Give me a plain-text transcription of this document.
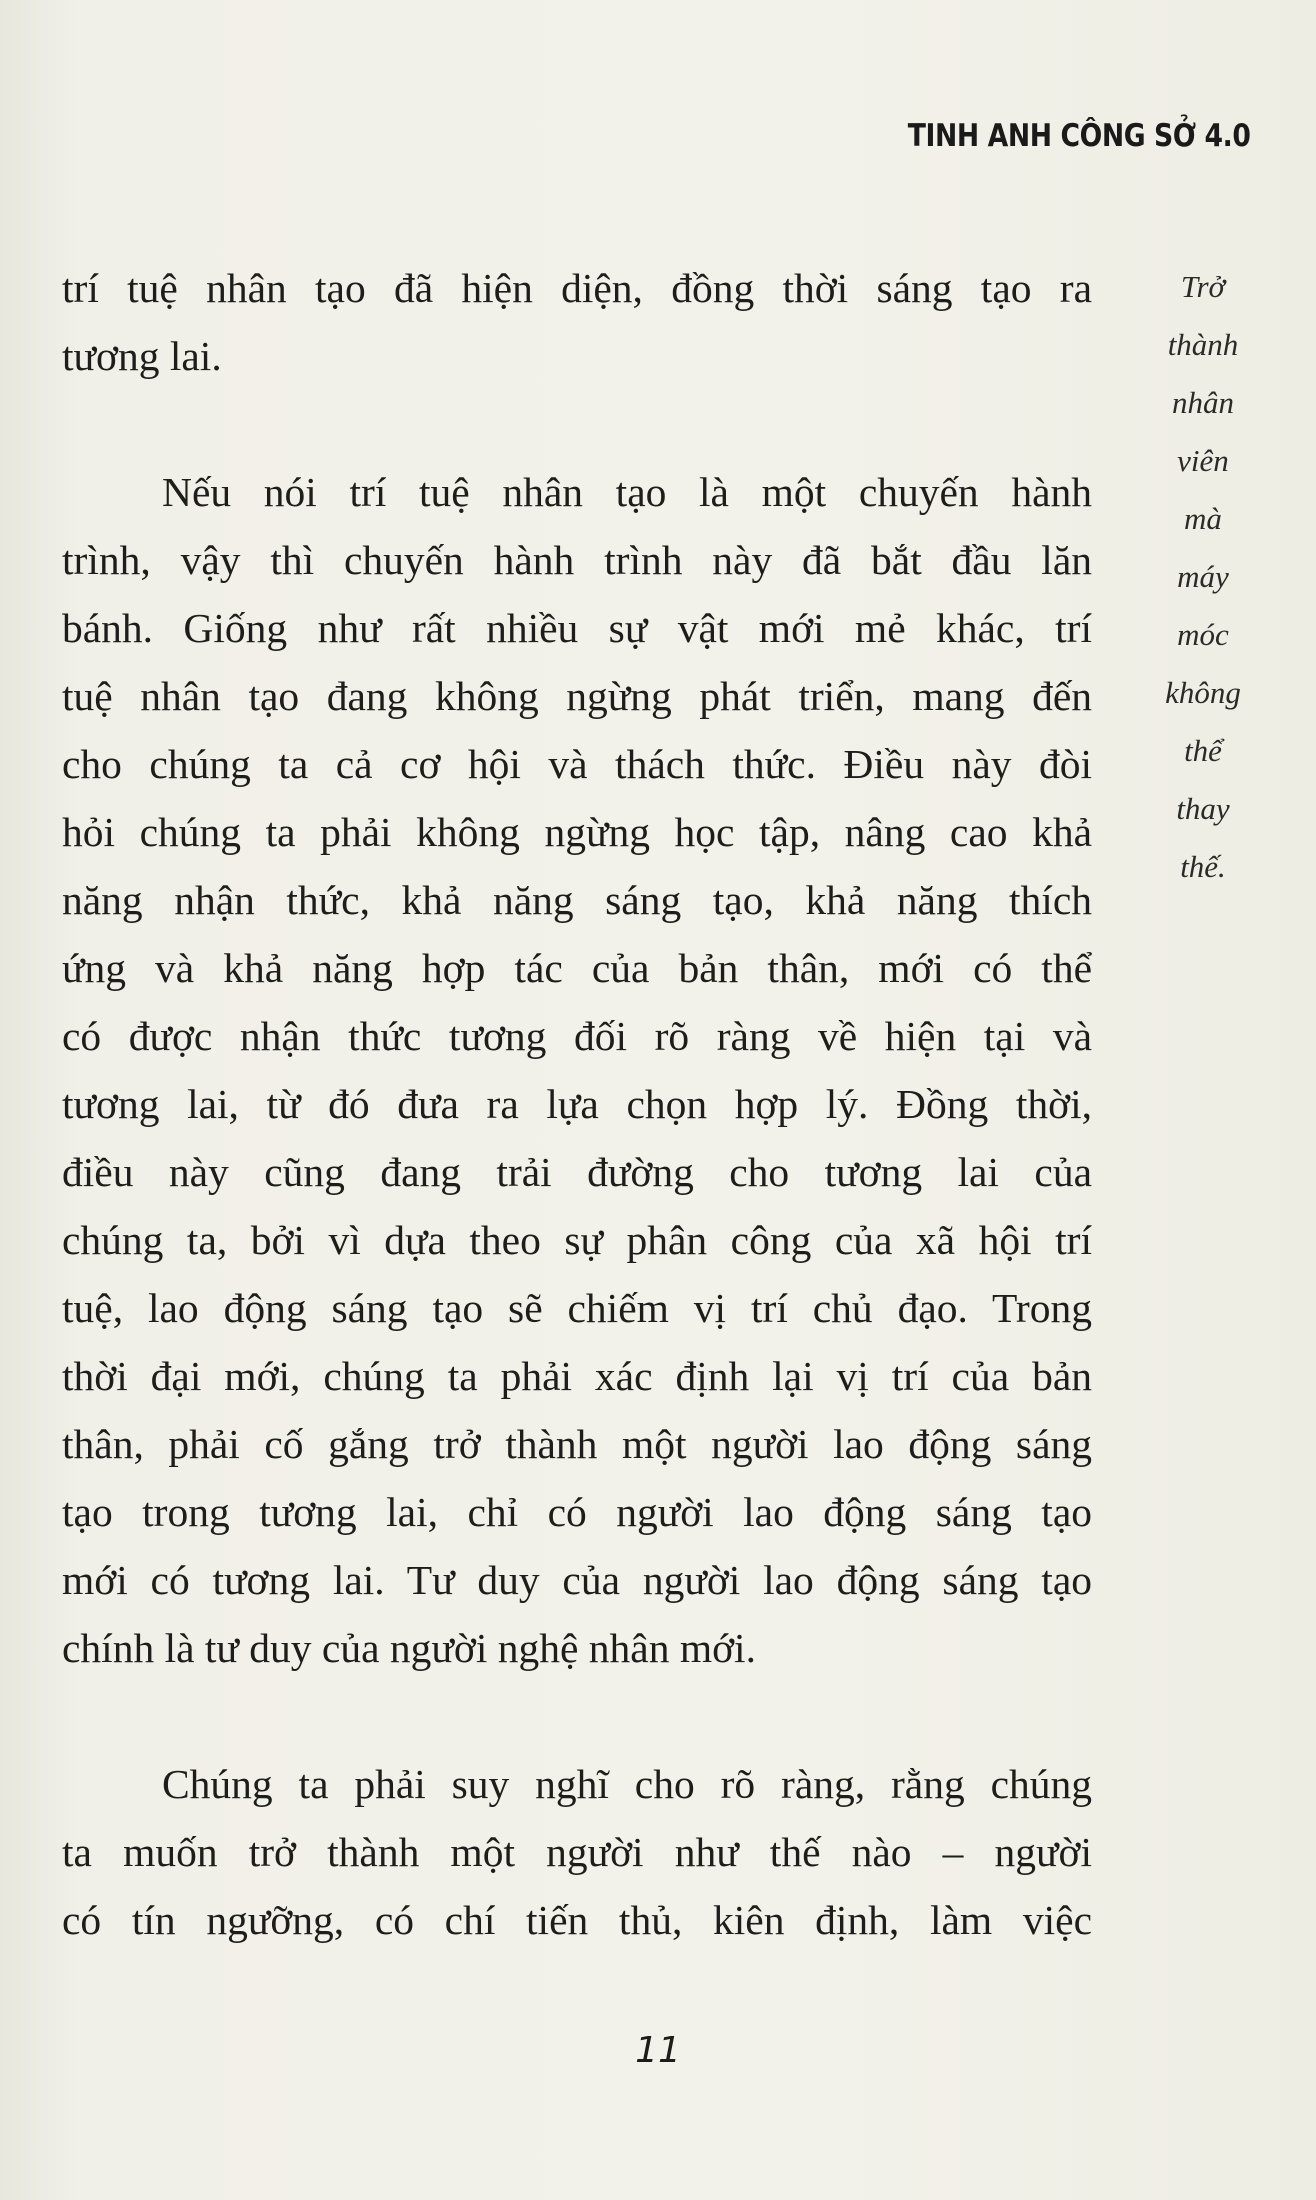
TINH ANH CÔNG SỞ 4.0
trí tuệ nhân tạo đã hiện diện, đồng thời sáng tạo ra
tương lai.
Nếu nói trí tuệ nhân tạo là một chuyến hành
trình, vậy thì chuyến hành trình này đã bắt đầu lăn
bánh. Giống như rất nhiều sự vật mới mẻ khác, trí
tuệ nhân tạo đang không ngừng phát triển, mang đến
cho chúng ta cả cơ hội và thách thức. Điều này đòi
hỏi chúng ta phải không ngừng học tập, nâng cao khả
năng nhận thức, khả năng sáng tạo, khả năng thích
ứng và khả năng hợp tác của bản thân, mới có thể
có được nhận thức tương đối rõ ràng về hiện tại và
tương lai, từ đó đưa ra lựa chọn hợp lý. Đồng thời,
điều này cũng đang trải đường cho tương lai của
chúng ta, bởi vì dựa theo sự phân công của xã hội trí
tuệ, lao động sáng tạo sẽ chiếm vị trí chủ đạo. Trong
thời đại mới, chúng ta phải xác định lại vị trí của bản
thân, phải cố gắng trở thành một người lao động sáng
tạo trong tương lai, chỉ có người lao động sáng tạo
mới có tương lai. Tư duy của người lao động sáng tạo
chính là tư duy của người nghệ nhân mới.
Chúng ta phải suy nghĩ cho rõ ràng, rằng chúng
ta muốn trở thành một người như thế nào – người
có tín ngưỡng, có chí tiến thủ, kiên định, làm việc
Trở
thành
nhân
viên
mà
máy
móc
không
thể
thay
thế.
11
